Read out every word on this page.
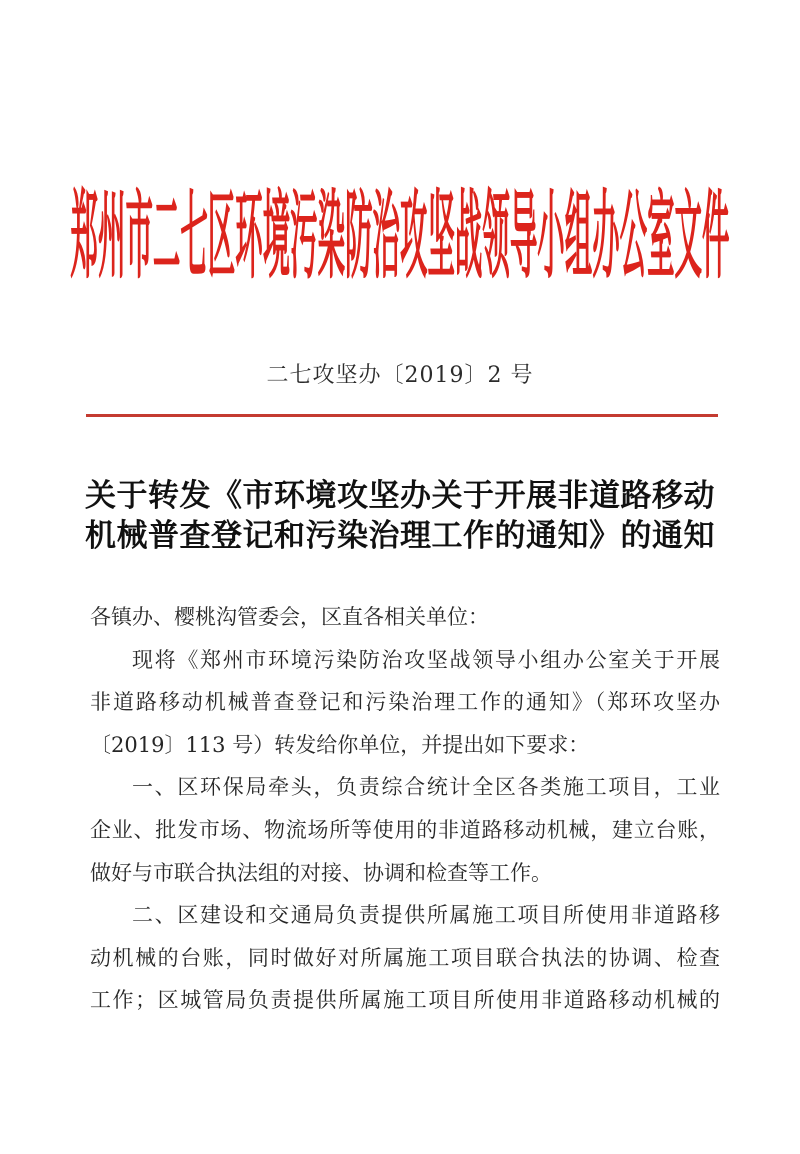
郑州市二七区环境污染防治攻坚战领导小组办公室文件
二七攻坚办〔2019〕2 号
关于转发《市环境攻坚办关于开展非道路移动
机械普查登记和污染治理工作的通知》的通知
各镇办、樱桃沟管委会，区直各相关单位：
现将《郑州市环境污染防治攻坚战领导小组办公室关于开展
非道路移动机械普查登记和污染治理工作的通知》（郑环攻坚办
〔2019〕113 号）转发给你单位，并提出如下要求：
一、区环保局牵头，负责综合统计全区各类施工项目，工业
企业、批发市场、物流场所等使用的非道路移动机械，建立台账，
做好与市联合执法组的对接、协调和检查等工作。
二、区建设和交通局负责提供所属施工项目所使用非道路移
动机械的台账，同时做好对所属施工项目联合执法的协调、检查
工作；区城管局负责提供所属施工项目所使用非道路移动机械的
